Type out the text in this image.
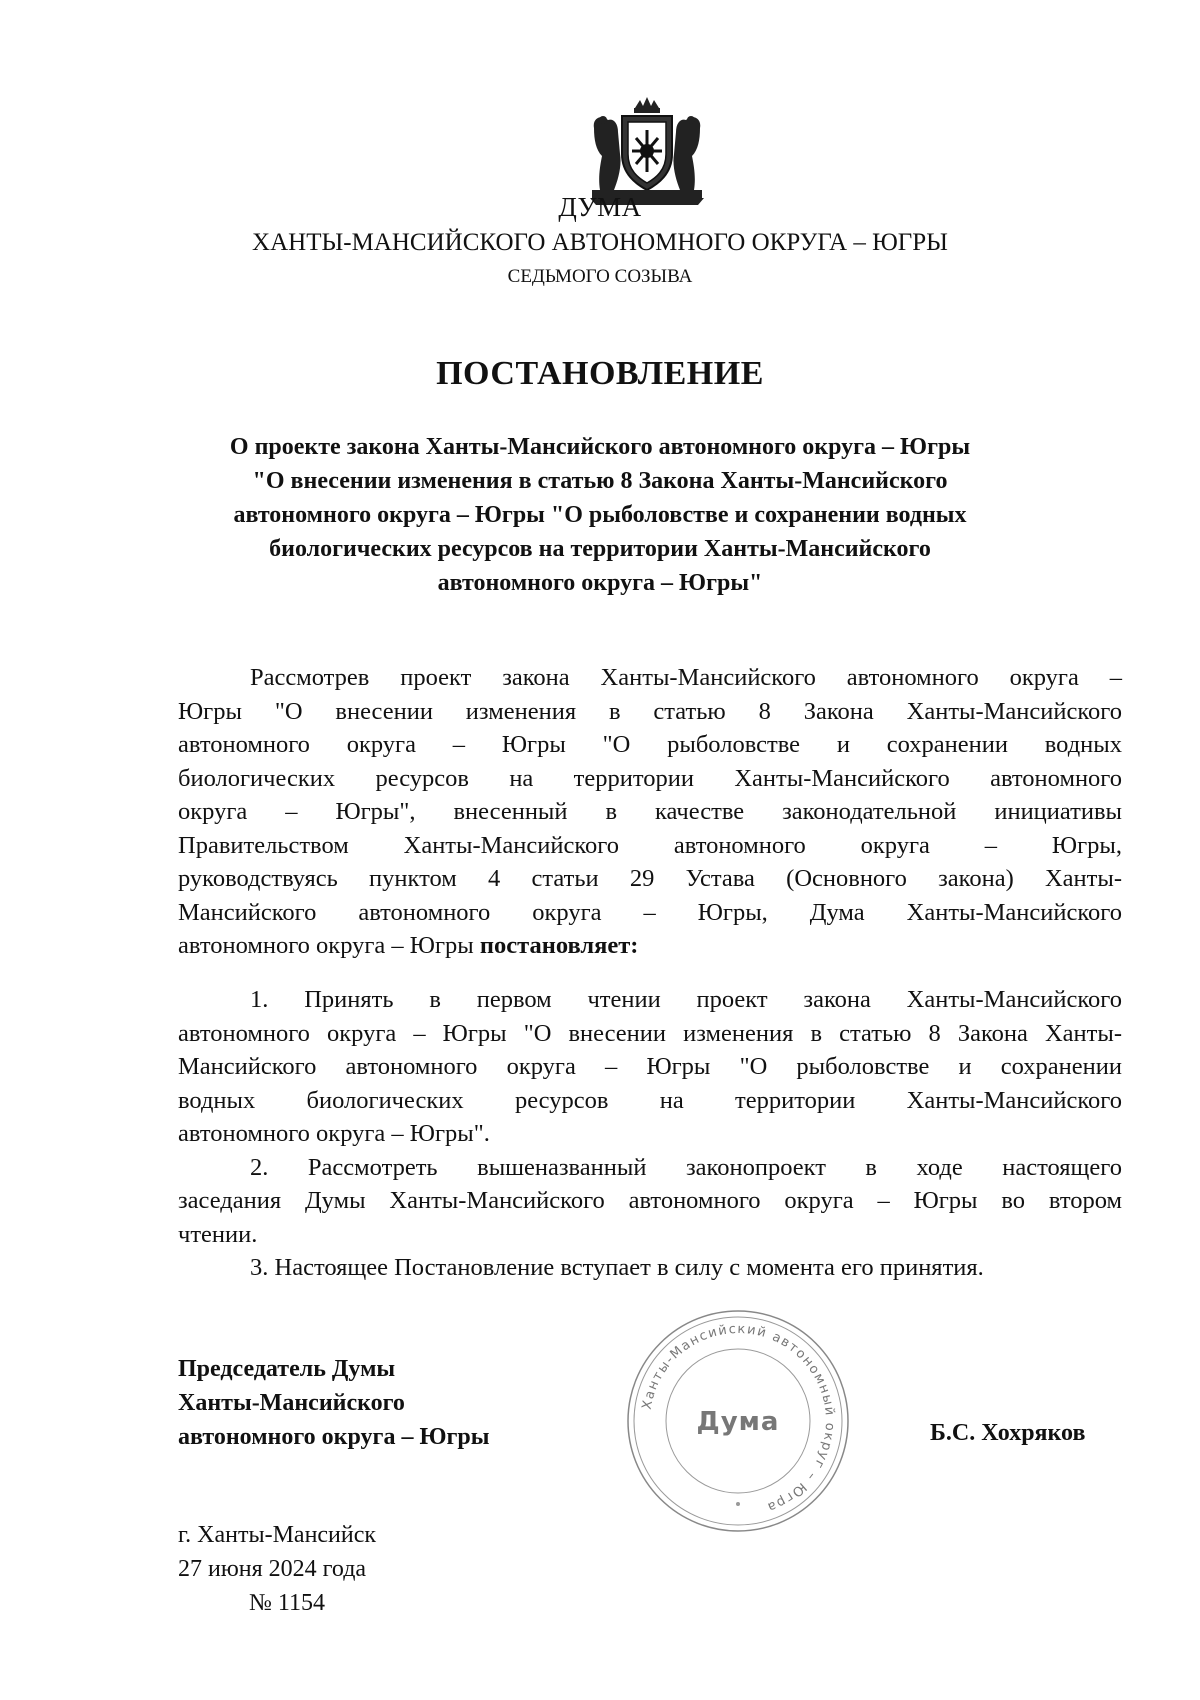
ДУМА
ХАНТЫ-МАНСИЙСКОГО АВТОНОМНОГО ОКРУГА – ЮГРЫ
СЕДЬМОГО СОЗЫВА
ПОСТАНОВЛЕНИЕ
О проекте закона Ханты-Мансийского автономного округа – Югры
"О внесении изменения в статью 8 Закона Ханты-Мансийского
автономного округа – Югры "О рыболовстве и сохранении водных
биологических ресурсов на территории Ханты-Мансийского
автономного округа – Югры"
Рассмотрев проект закона Ханты-Мансийского автономного округа –
Югры "О внесении изменения в статью 8 Закона Ханты-Мансийского
автономного округа – Югры "О рыболовстве и сохранении водных
биологических ресурсов на территории Ханты-Мансийского автономного
округа – Югры", внесенный в качестве законодательной инициативы
Правительством Ханты-Мансийского автономного округа – Югры,
руководствуясь пунктом 4 статьи 29 Устава (Основного закона) Ханты-
Мансийского автономного округа – Югры, Дума Ханты-Мансийского
автономного округа – Югры постановляет:
1. Принять в первом чтении проект закона Ханты-Мансийского
автономного округа – Югры "О внесении изменения в статью 8 Закона Ханты-
Мансийского автономного округа – Югры "О рыболовстве и сохранении
водных биологических ресурсов на территории Ханты-Мансийского
автономного округа – Югры".
2. Рассмотреть вышеназванный законопроект в ходе настоящего
заседания Думы Ханты-Мансийского автономного округа – Югры во втором
чтении.
3. Настоящее Постановление вступает в силу с момента его принятия.
Председатель Думы
Ханты-Мансийского
автономного округа – Югры
Ханты-Мансийский автономный округ – Югра
Дума	Б.С. Хохряков
г. Ханты-Мансийск
27 июня 2024 года
№ 1154
